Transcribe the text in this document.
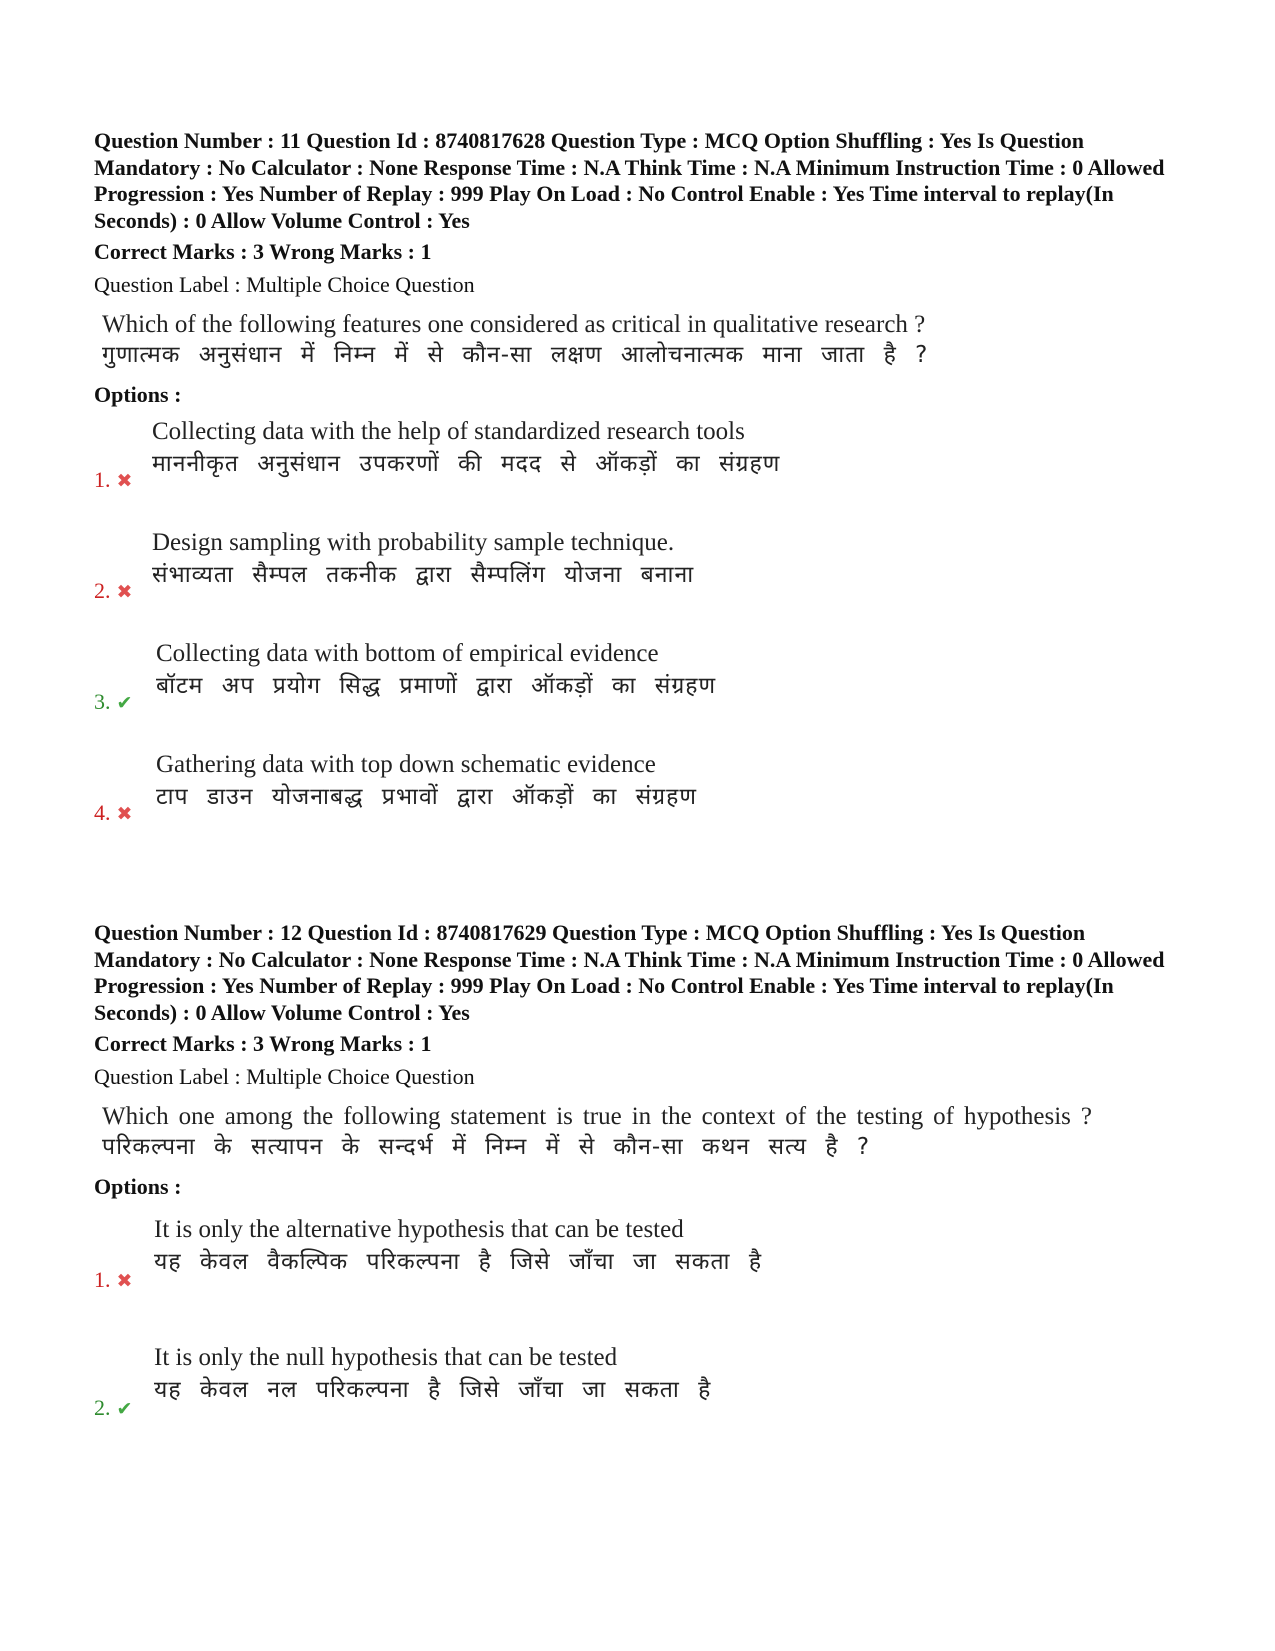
Question Number : 11 Question Id : 8740817628 Question Type : MCQ Option Shuffling : Yes Is Question Mandatory : No Calculator : None Response Time : N.A Think Time : N.A Minimum Instruction Time : 0 Allowed Progression : Yes Number of Replay : 999 Play On Load : No Control Enable : Yes Time interval to replay(In Seconds) : 0 Allow Volume Control : Yes
Correct Marks : 3 Wrong Marks : 1
Question Label : Multiple Choice Question
Which of the following features one considered as critical in qualitative research ?
गुणात्मक अनुसंधान में निम्न में से कौन-सा लक्षण आलोचनात्मक माना जाता है ?
Options :
Collecting data with the help of standardized research tools
माननीकृत अनुसंधान उपकरणों की मदद से ऑकड़ों का संग्रहण
1. ✖
Design sampling with probability sample technique.
संभाव्यता सैम्पल तकनीक द्वारा सैम्पलिंग योजना बनाना
2. ✖
Collecting data with bottom of empirical evidence
बॉटम अप प्रयोग सिद्ध प्रमाणों द्वारा ऑकड़ों का संग्रहण
3. ✔
Gathering data with top down schematic evidence
टाप डाउन योजनाबद्ध प्रभावों द्वारा ऑकड़ों का संग्रहण
4. ✖
Question Number : 12 Question Id : 8740817629 Question Type : MCQ Option Shuffling : Yes Is Question Mandatory : No Calculator : None Response Time : N.A Think Time : N.A Minimum Instruction Time : 0 Allowed Progression : Yes Number of Replay : 999 Play On Load : No Control Enable : Yes Time interval to replay(In Seconds) : 0 Allow Volume Control : Yes
Correct Marks : 3 Wrong Marks : 1
Question Label : Multiple Choice Question
Which one among the following statement is true in the context of the testing of hypothesis ?
परिकल्पना के सत्यापन के सन्दर्भ में निम्न में से कौन-सा कथन सत्य है ?
Options :
It is only the alternative hypothesis that can be tested
यह केवल वैकल्पिक परिकल्पना है जिसे जाँचा जा सकता है
1. ✖
It is only the null hypothesis that can be tested
यह केवल नल परिकल्पना है जिसे जाँचा जा सकता है
2. ✔
